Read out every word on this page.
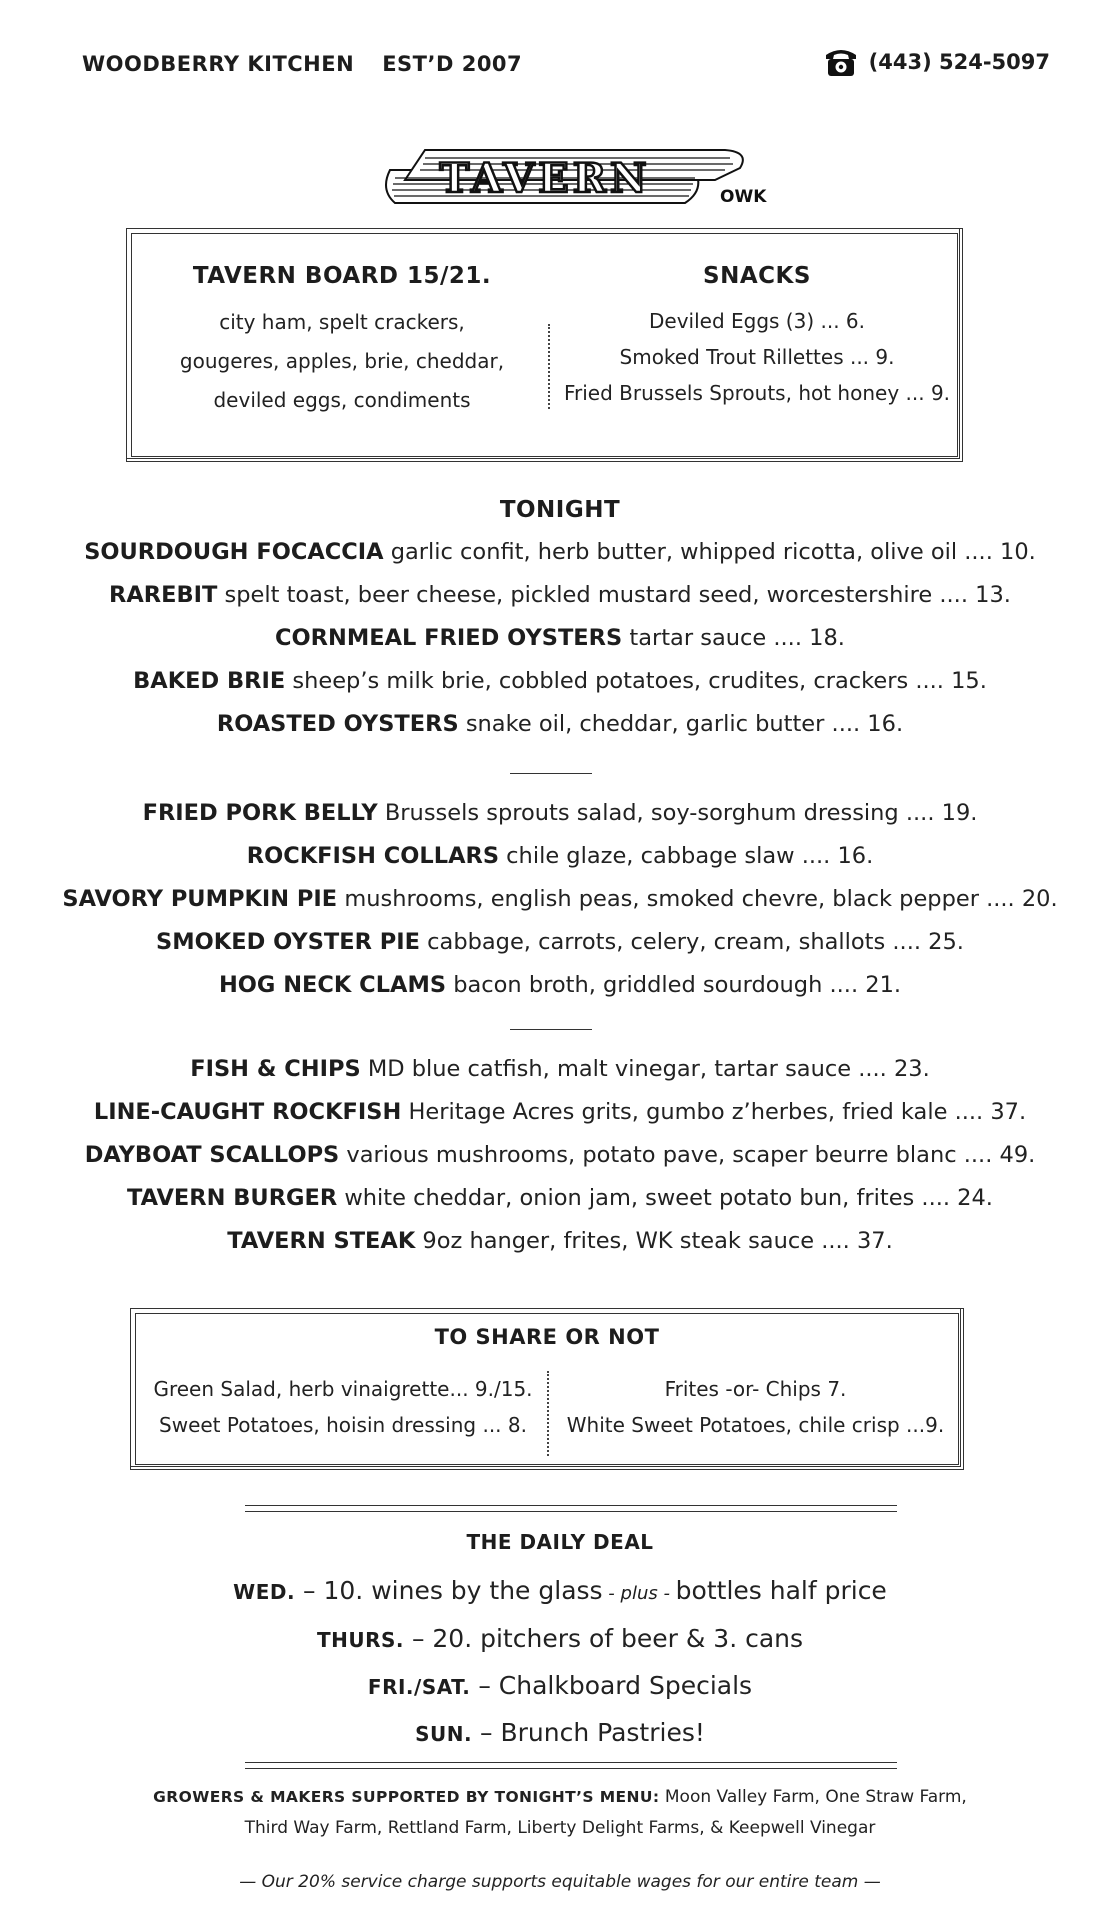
WOODBERRY KITCHEN EST’D 2007	(443) 524-5097
TAVERN	OWK
TAVERN BOARD 15/21.
city ham, spelt crackers,
gougeres, apples, brie, cheddar,
deviled eggs, condiments
SNACKS
Deviled Eggs (3) ... 6.
Smoked Trout Rillettes ... 9.
Fried Brussels Sprouts, hot honey ... 9.
TONIGHT
SOURDOUGH FOCACCIA garlic confit, herb butter, whipped ricotta, olive oil .... 10.
RAREBIT spelt toast, beer cheese, pickled mustard seed, worcestershire .... 13.
CORNMEAL FRIED OYSTERS tartar sauce .... 18.
BAKED BRIE sheep’s milk brie, cobbled potatoes, crudites, crackers .... 15.
ROASTED OYSTERS snake oil, cheddar, garlic butter .... 16.
FRIED PORK BELLY Brussels sprouts salad, soy-sorghum dressing .... 19.
ROCKFISH COLLARS chile glaze, cabbage slaw .... 16.
SAVORY PUMPKIN PIE mushrooms, english peas, smoked chevre, black pepper .... 20.
SMOKED OYSTER PIE cabbage, carrots, celery, cream, shallots .... 25.
HOG NECK CLAMS bacon broth, griddled sourdough .... 21.
FISH & CHIPS MD blue catfish, malt vinegar, tartar sauce .... 23.
LINE-CAUGHT ROCKFISH Heritage Acres grits, gumbo z’herbes, fried kale .... 37.
DAYBOAT SCALLOPS various mushrooms, potato pave, scaper beurre blanc .... 49.
TAVERN BURGER white cheddar, onion jam, sweet potato bun, frites .... 24.
TAVERN STEAK 9oz hanger, frites, WK steak sauce .... 37.
TO SHARE OR NOT
Green Salad, herb vinaigrette... 9./15.
Sweet Potatoes, hoisin dressing ... 8.
Frites -or- Chips 7.
White Sweet Potatoes, chile crisp ...9.
THE DAILY DEAL
WED. – 10. wines by the glass - plus - bottles half price
THURS. – 20. pitchers of beer & 3. cans
FRI./SAT. – Chalkboard Specials
SUN. – Brunch Pastries!
GROWERS & MAKERS SUPPORTED BY TONIGHT’S MENU: Moon Valley Farm, One Straw Farm,
Third Way Farm, Rettland Farm, Liberty Delight Farms, & Keepwell Vinegar
— Our 20% service charge supports equitable wages for our entire team —
